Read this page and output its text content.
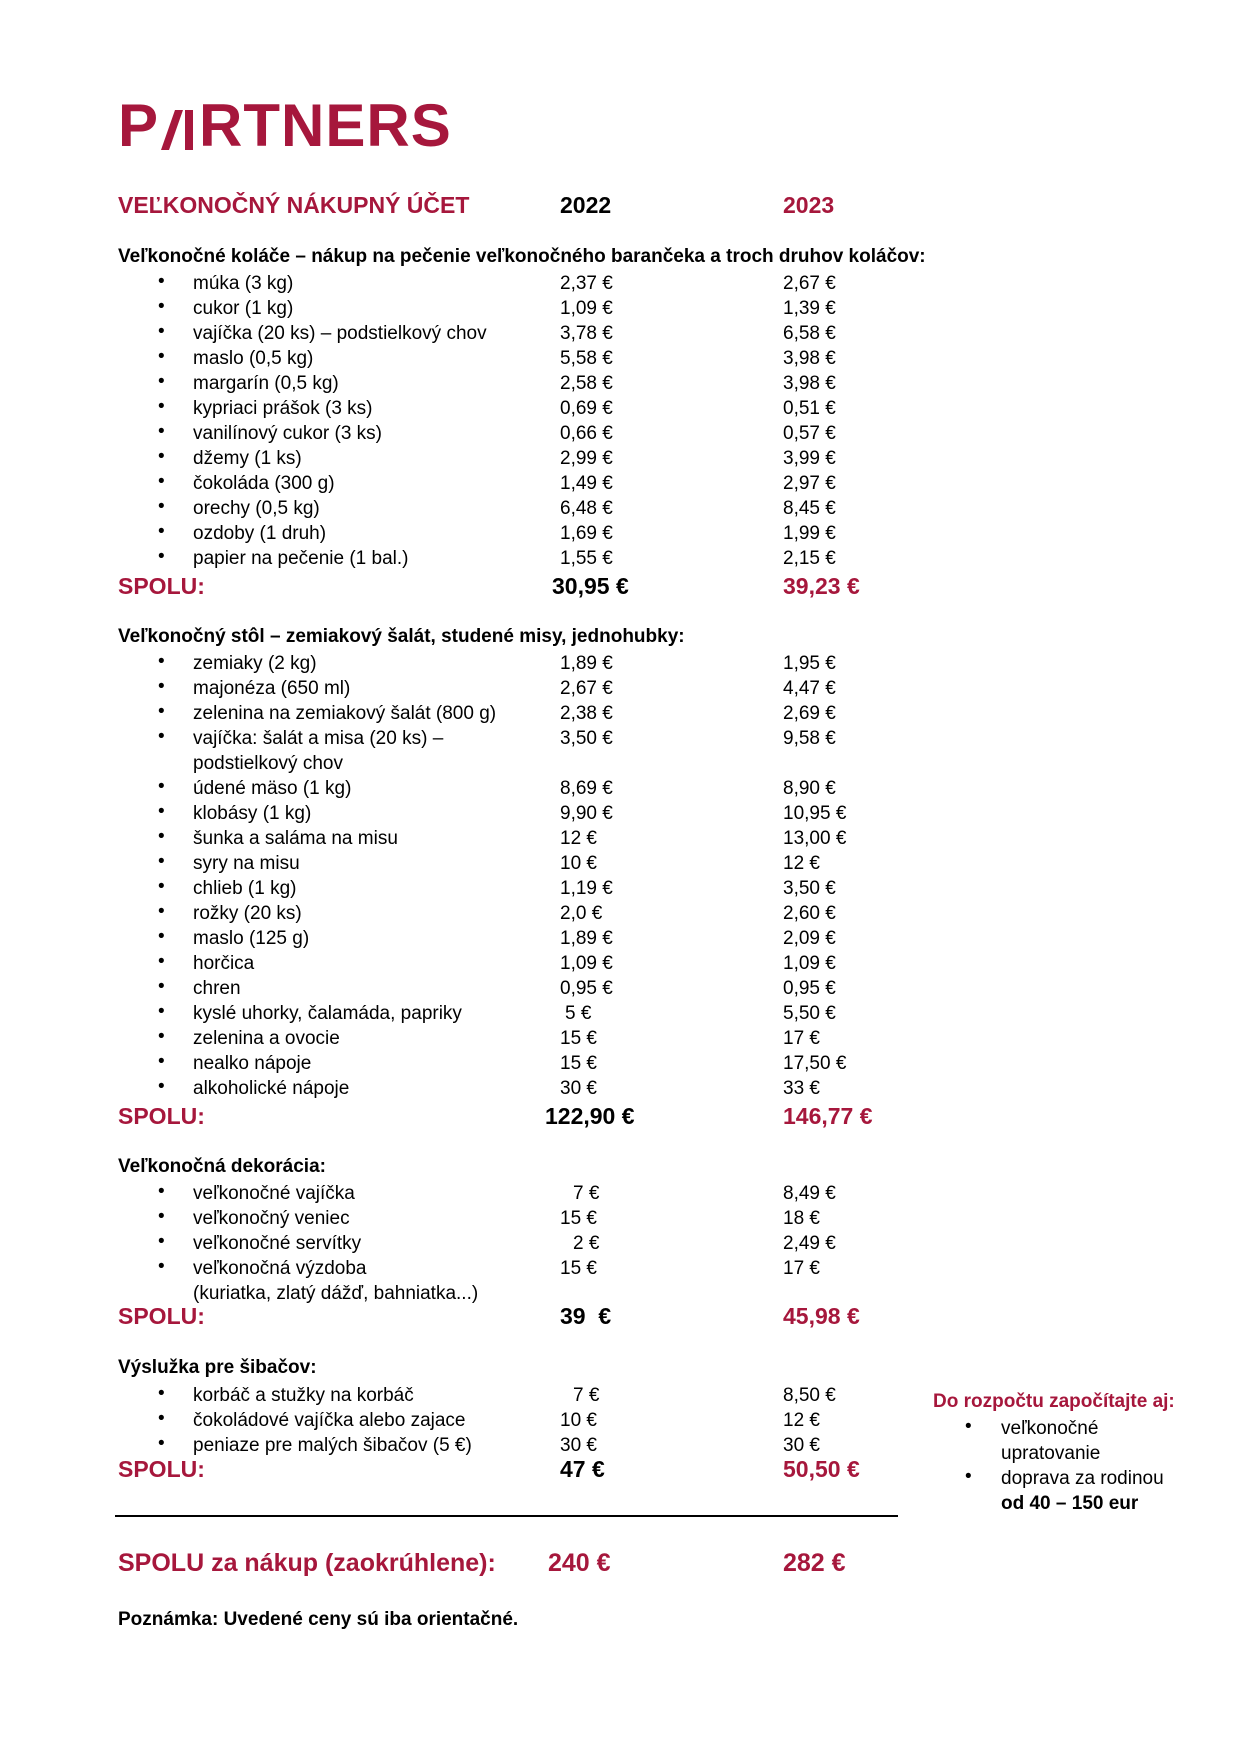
P RTNERS
VEĽKONOČNÝ NÁKUPNÝ ÚČET	2022	2023
Veľkonočné koláče – nákup na pečenie veľkonočného barančeka a troch druhov koláčov:
• múka (3 kg)	2,37 €	2,67 €
• cukor (1 kg)	1,09 €	1,39 €
• vajíčka (20 ks) – podstielkový chov	3,78 €	6,58 €
• maslo (0,5 kg)	5,58 €	3,98 €
• margarín (0,5 kg)	2,58 €	3,98 €
• kypriaci prášok (3 ks)	0,69 €	0,51 €
• vanilínový cukor (3 ks)	0,66 €	0,57 €
• džemy (1 ks)	2,99 €	3,99 €
• čokoláda (300 g)	1,49 €	2,97 €
• orechy (0,5 kg)	6,48 €	8,45 €
• ozdoby (1 druh)	1,69 €	1,99 €
• papier na pečenie (1 bal.)	1,55 €	2,15 €
SPOLU:	30,95 €	39,23 €
Veľkonočný stôl – zemiakový šalát, studené misy, jednohubky:
• zemiaky (2 kg)	1,89 €	1,95 €
• majonéza (650 ml)	2,67 €	4,47 €
• zelenina na zemiakový šalát (800 g)	2,38 €	2,69 €
• vajíčka: šalát a misa (20 ks) –
podstielkový chov
3,50 €	9,58 €
• údené mäso (1 kg)	8,69 €	8,90 €
• klobásy (1 kg)	9,90 €	10,95 €
• šunka a saláma na misu	12 €	13,00 €
• syry na misu	10 €	12 €
• chlieb (1 kg)	1,19 €	3,50 €
• rožky (20 ks)	2,0 €	2,60 €
• maslo (125 g)	1,89 €	2,09 €
• horčica	1,09 €	1,09 €
• chren	0,95 €	0,95 €
• kyslé uhorky, čalamáda, papriky	5 €	5,50 €
• zelenina a ovocie	15 €	17 €
• nealko nápoje	15 €	17,50 €
• alkoholické nápoje	30 €	33 €
SPOLU:	122,90 €	146,77 €
Veľkonočná dekorácia:
• veľkonočné vajíčka	7 €	8,49 €
• veľkonočný veniec	15 €	18 €
• veľkonočné servítky	2 €	2,49 €
• veľkonočná výzdoba
(kuriatka, zlatý dážď, bahniatka...)
15 €	17 €
SPOLU:	39  €	45,98 €
Výslužka pre šibačov:
• korbáč a stužky na korbáč	7 €	8,50 €
• čokoládové vajíčka alebo zajace	10 €	12 €
• peniaze pre malých šibačov (5 €)	30 €	30 €
SPOLU:	47 €	50,50 €
Do rozpočtu započítajte aj:
• veľkonočné
upratovanie
• doprava za rodinou
od 40 – 150 eur
SPOLU za nákup (zaokrúhlene): 240 €	282 €
Poznámka: Uvedené ceny sú iba orientačné.
